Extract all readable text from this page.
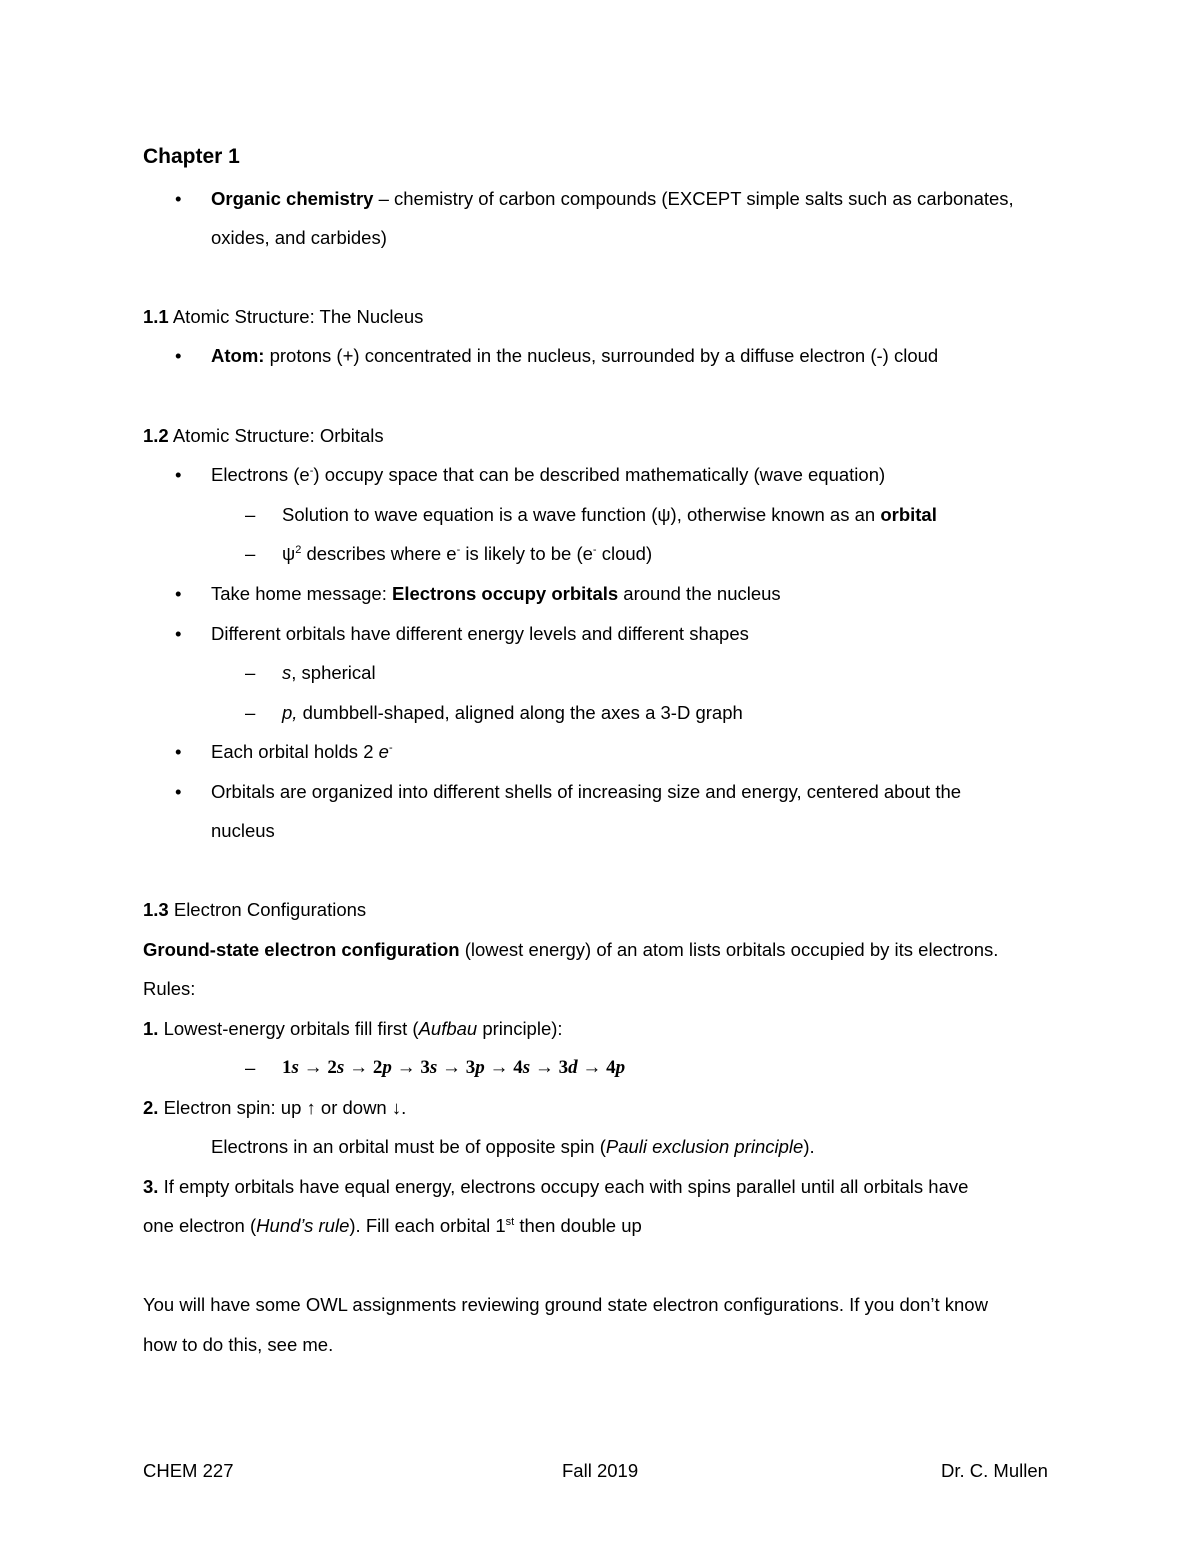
Chapter 1
• Organic chemistry – chemistry of carbon compounds (EXCEPT simple salts such as carbonates,
oxides, and carbides)
1.1 Atomic Structure: The Nucleus
• Atom: protons (+) concentrated in the nucleus, surrounded by a diffuse electron (-) cloud
1.2 Atomic Structure: Orbitals
• Electrons (e-) occupy space that can be described mathematically (wave equation)
– Solution to wave equation is a wave function (ψ), otherwise known as an orbital
– $\psi^2$ describes where e- is likely to be (e- cloud)
• Take home message: Electrons occupy orbitals around the nucleus
• Different orbitals have different energy levels and different shapes
– s, spherical
– p, dumbbell-shaped, aligned along the axes a 3-D graph
• Each orbital holds 2 e-
• Orbitals are organized into different shells of increasing size and energy, centered about the
nucleus
1.3 Electron Configurations
Ground-state electron configuration (lowest energy) of an atom lists orbitals occupied by its electrons.
Rules:
1. Lowest-energy orbitals fill first (Aufbau principle):
– 1s → 2s → 2p → 3s → 3p → 4s → 3d → 4p
2. Electron spin: up ↑ or down ↓.
Electrons in an orbital must be of opposite spin (Pauli exclusion principle).
3. If empty orbitals have equal energy, electrons occupy each with spins parallel until all orbitals have
one electron (Hund’s rule). Fill each orbital 1st then double up
You will have some OWL assignments reviewing ground state electron configurations. If you don’t know
how to do this, see me.
CHEM 227	Fall 2019	Dr. C. Mullen
